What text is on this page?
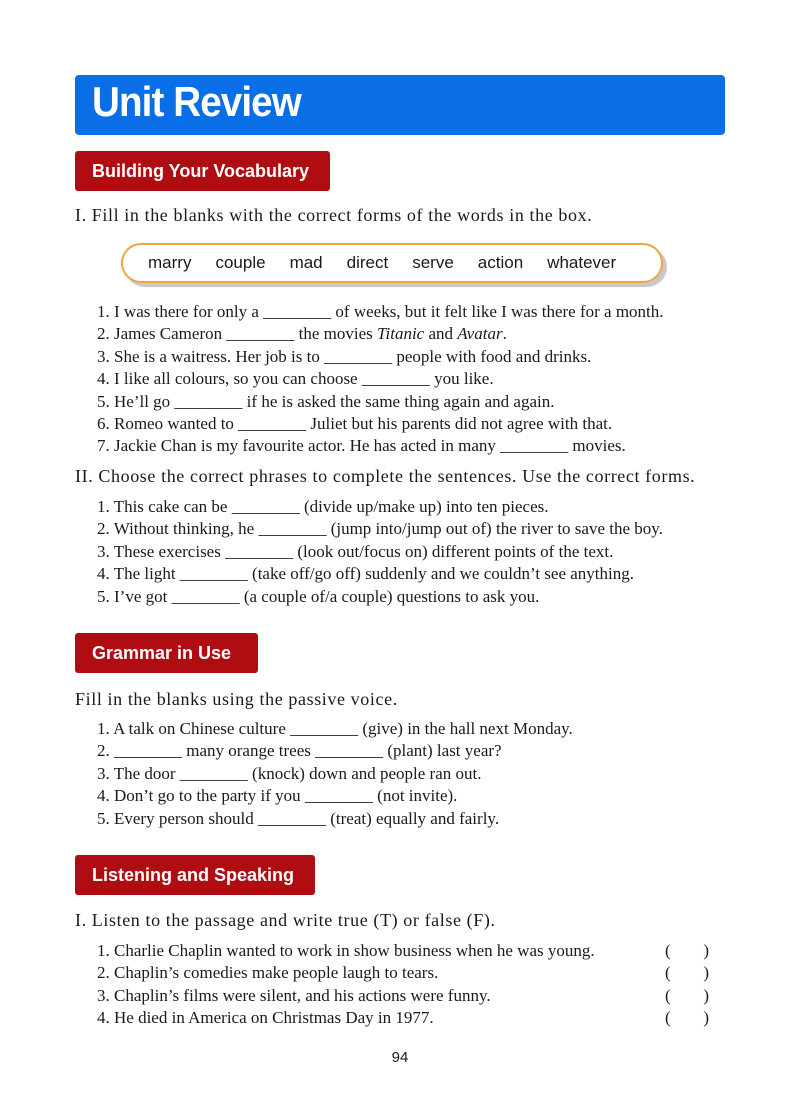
Unit Review
Building Your Vocabulary
I. Fill in the blanks with the correct forms of the words in the box.
marry couple mad direct serve action whatever
1. I was there for only a ________ of weeks, but it felt like I was there for a month.
2. James Cameron ________ the movies Titanic and Avatar.
3. She is a waitress. Her job is to ________ people with food and drinks.
4. I like all colours, so you can choose ________ you like.
5. He’ll go ________ if he is asked the same thing again and again.
6. Romeo wanted to ________ Juliet but his parents did not agree with that.
7. Jackie Chan is my favourite actor. He has acted in many ________ movies.
II. Choose the correct phrases to complete the sentences. Use the correct forms.
1. This cake can be ________ (divide up/make up) into ten pieces.
2. Without thinking, he ________ (jump into/jump out of) the river to save the boy.
3. These exercises ________ (look out/focus on) different points of the text.
4. The light ________ (take off/go off) suddenly and we couldn’t see anything.
5. I’ve got ________ (a couple of/a couple) questions to ask you.
Grammar in Use
Fill in the blanks using the passive voice.
1. A talk on Chinese culture ________ (give) in the hall next Monday.
2. ________ many orange trees ________ (plant) last year?
3. The door ________ (knock) down and people ran out.
4. Don’t go to the party if you ________ (not invite).
5. Every person should ________ (treat) equally and fairly.
Listening and Speaking
I. Listen to the passage and write true (T) or false (F).
1. Charlie Chaplin wanted to work in show business when he was young.	( )
2. Chaplin’s comedies make people laugh to tears.	( )
3. Chaplin’s films were silent, and his actions were funny.	( )
4. He died in America on Christmas Day in 1977.	( )
94
